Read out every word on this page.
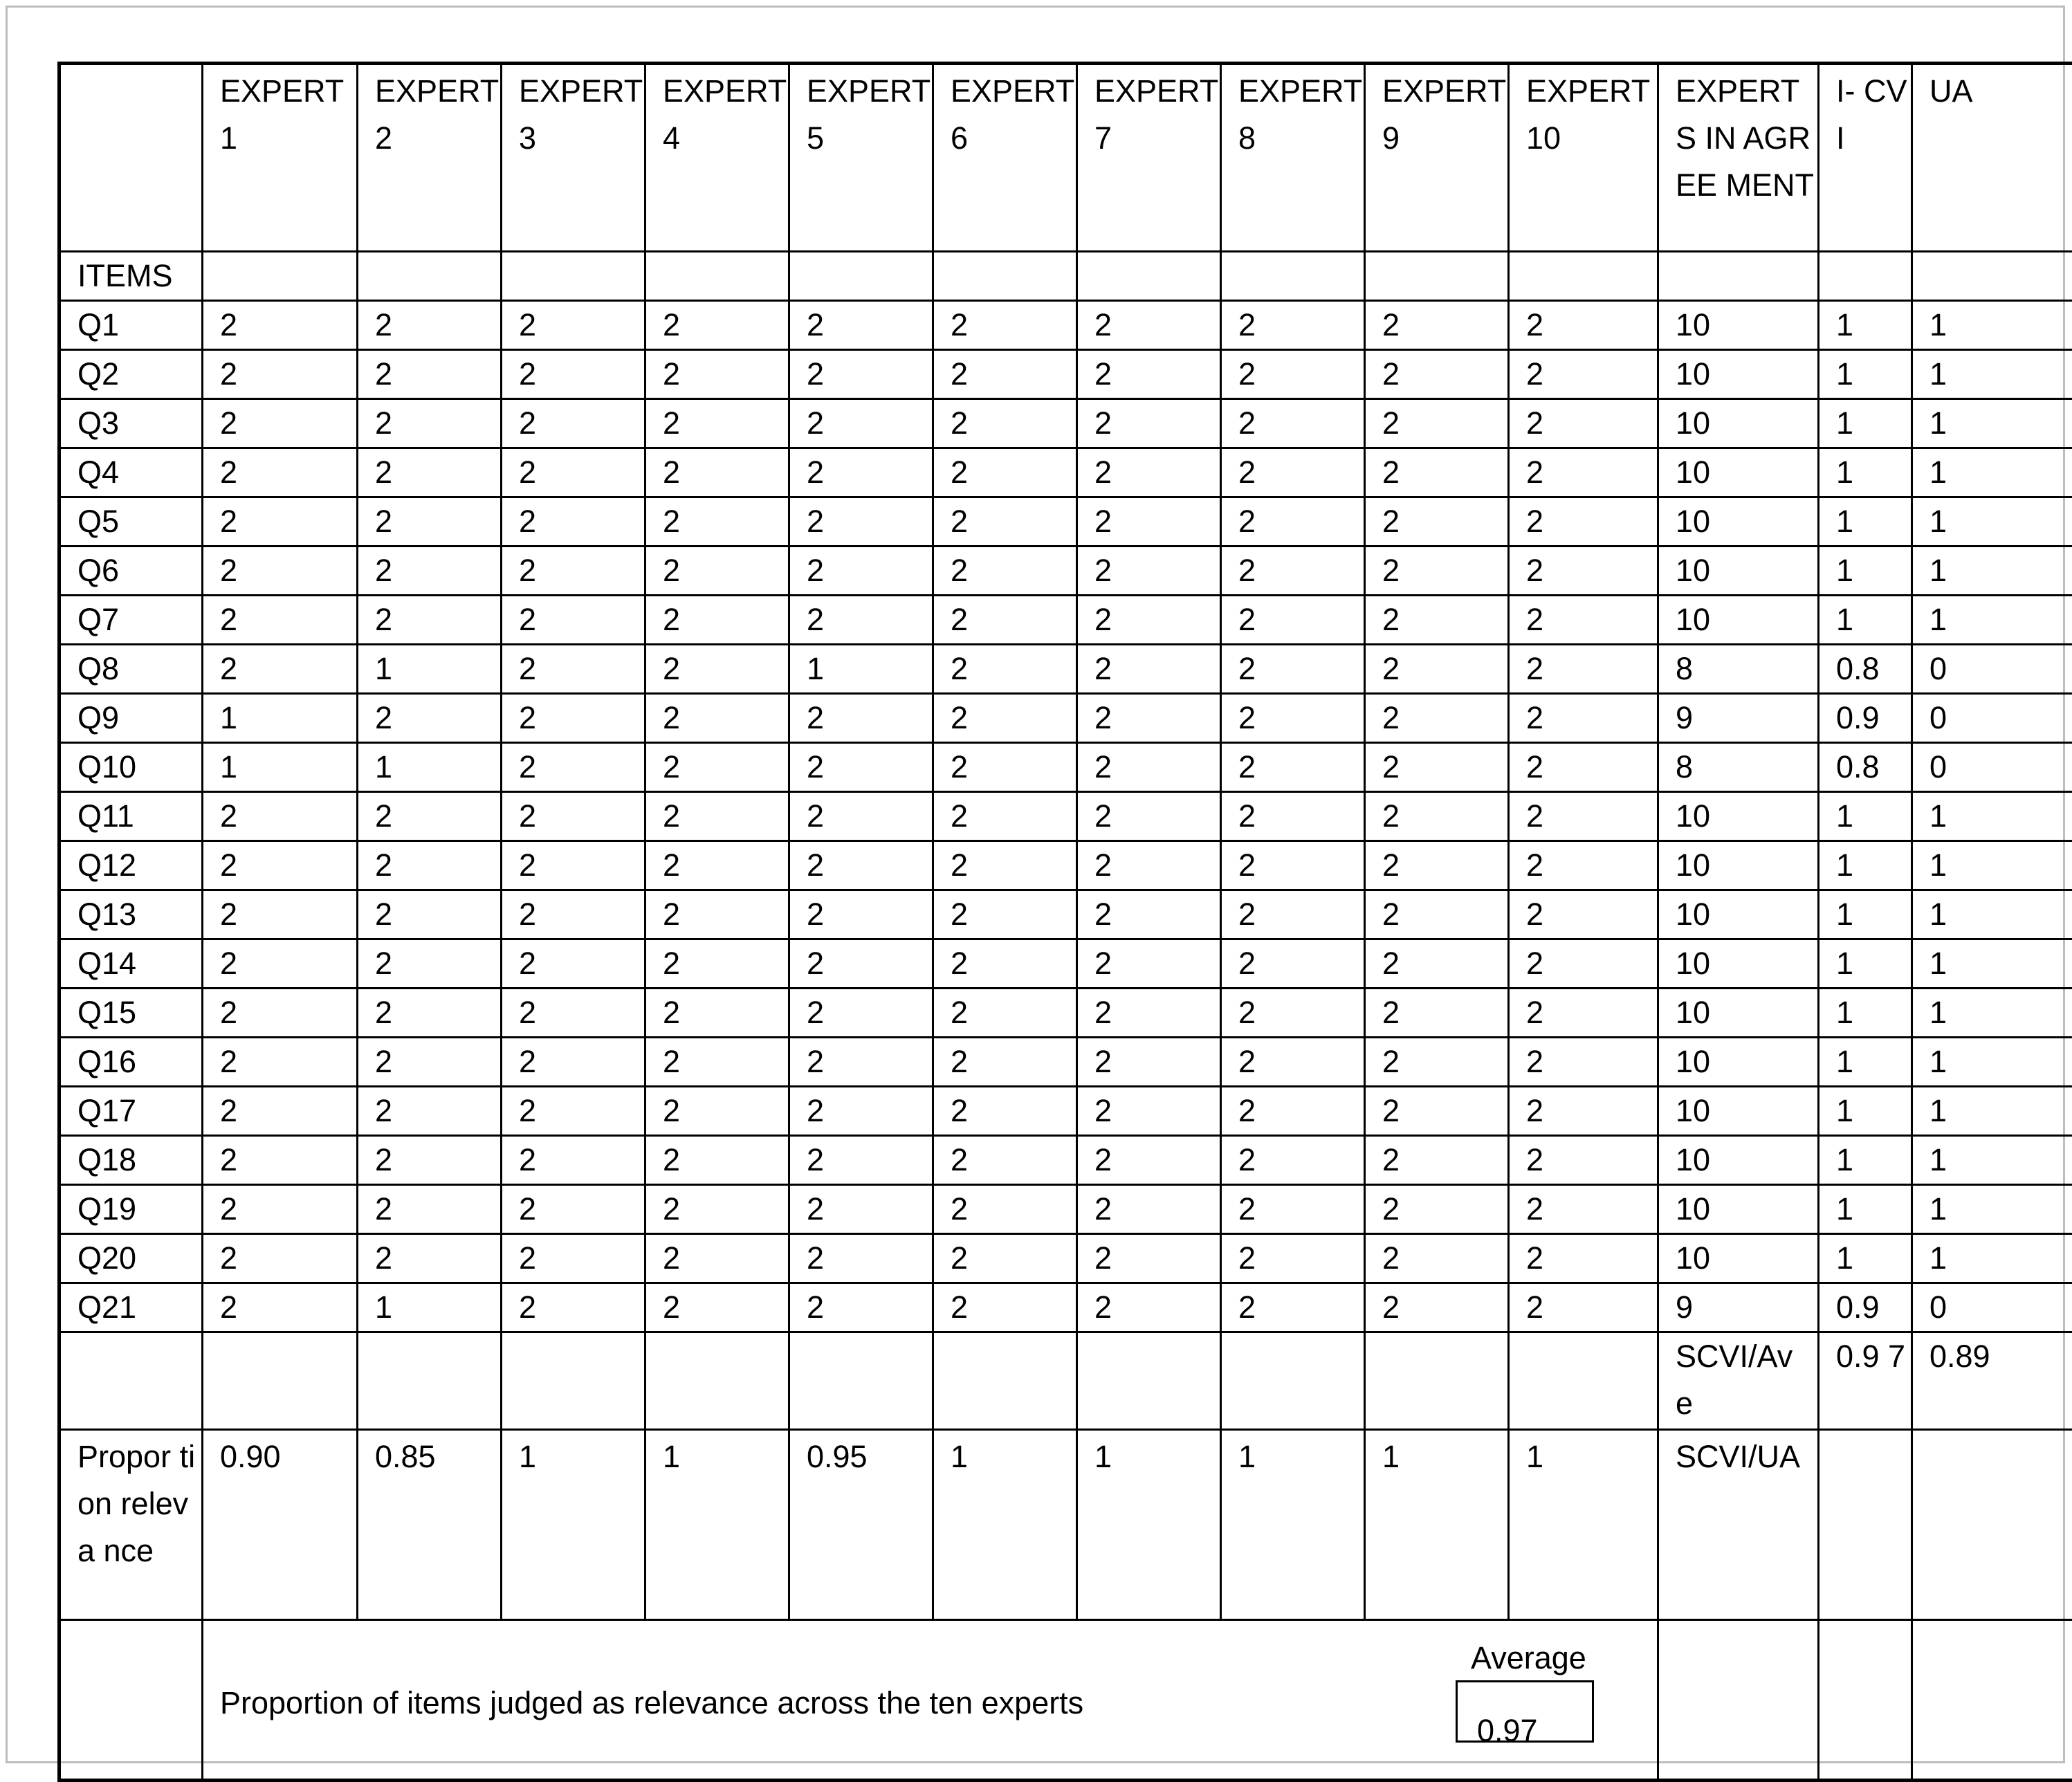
	EXPERT 1	EXPERT 2	EXPERT 3	EXPERT 4	EXPERT 5	EXPERT 6	EXPERT 7	EXPERT 8	EXPERT 9	EXPERT 10	EXPERTS IN AGREE MENT	I- CVI	UA
ITEMS													
Q1	2	2	2	2	2	2	2	2	2	2	10	1	1
Q2	2	2	2	2	2	2	2	2	2	2	10	1	1
Q3	2	2	2	2	2	2	2	2	2	2	10	1	1
Q4	2	2	2	2	2	2	2	2	2	2	10	1	1
Q5	2	2	2	2	2	2	2	2	2	2	10	1	1
Q6	2	2	2	2	2	2	2	2	2	2	10	1	1
Q7	2	2	2	2	2	2	2	2	2	2	10	1	1
Q8	2	1	2	2	1	2	2	2	2	2	8	0.8	0
Q9	1	2	2	2	2	2	2	2	2	2	9	0.9	0
Q10	1	1	2	2	2	2	2	2	2	2	8	0.8	0
Q11	2	2	2	2	2	2	2	2	2	2	10	1	1
Q12	2	2	2	2	2	2	2	2	2	2	10	1	1
Q13	2	2	2	2	2	2	2	2	2	2	10	1	1
Q14	2	2	2	2	2	2	2	2	2	2	10	1	1
Q15	2	2	2	2	2	2	2	2	2	2	10	1	1
Q16	2	2	2	2	2	2	2	2	2	2	10	1	1
Q17	2	2	2	2	2	2	2	2	2	2	10	1	1
Q18	2	2	2	2	2	2	2	2	2	2	10	1	1
Q19	2	2	2	2	2	2	2	2	2	2	10	1	1
Q20	2	2	2	2	2	2	2	2	2	2	10	1	1
Q21	2	1	2	2	2	2	2	2	2	2	9	0.9	0
											SCVI/Av e	0.9 7	0.89
Propor tion releva nce	0.90	0.85	1	1	0.95	1	1	1	1	1	SCVI/UA		

	Proportion of items judged as relevance across the ten experts
Average
0.97												
